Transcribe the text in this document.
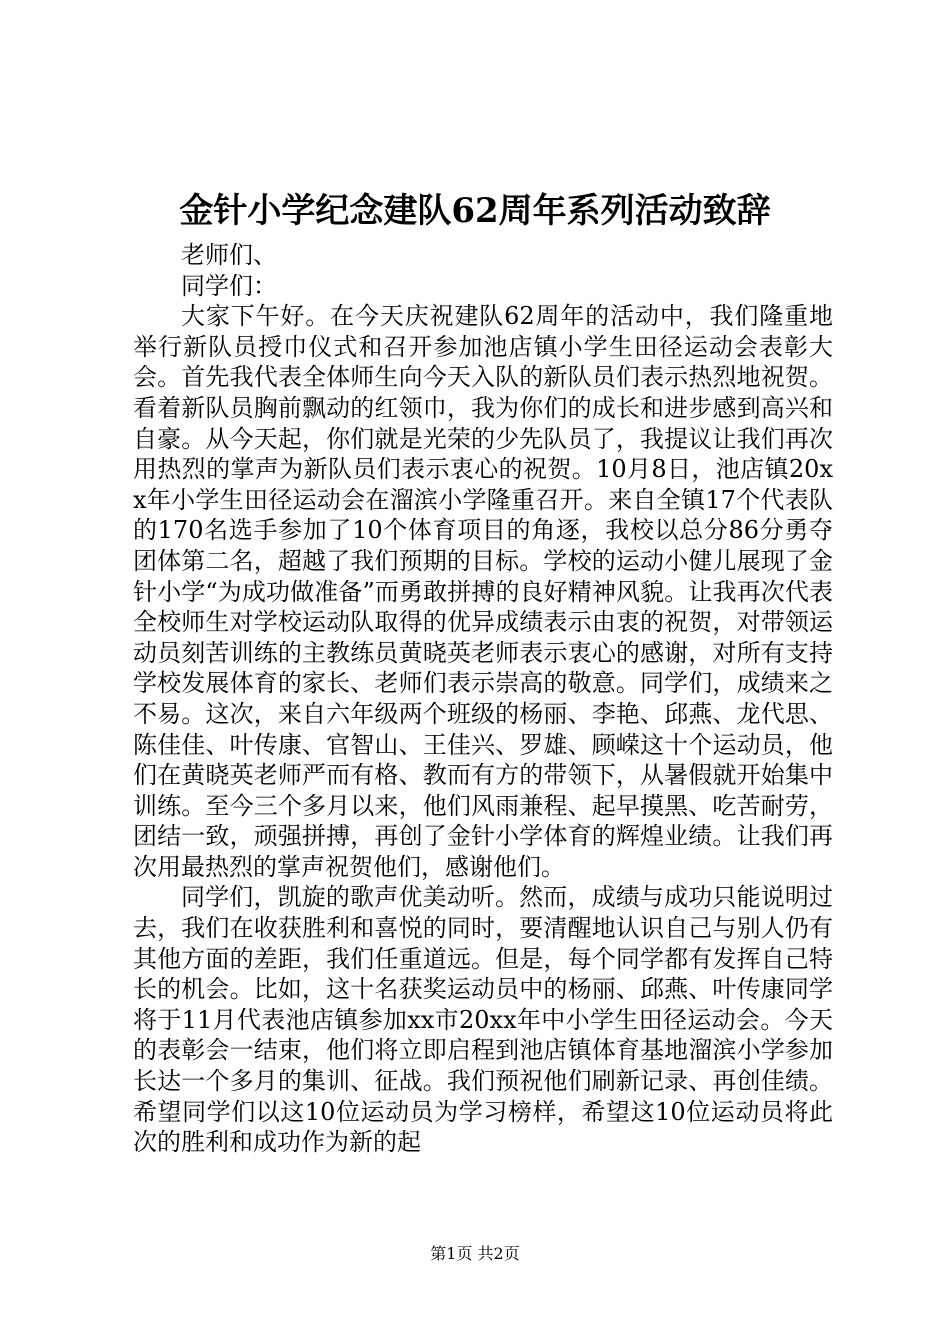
金针小学纪念建队62周年系列活动致辞

老师们、

同学们：

大家下午好。在今天庆祝建队62周年的活动中，我们隆重地举行新队员授巾仪式和召开参加池店镇小学生田径运动会表彰大会。首先我代表全体师生向今天入队的新队员们表示热烈地祝贺。看着新队员胸前飘动的红领巾，我为你们的成长和进步感到高兴和自豪。从今天起，你们就是光荣的少先队员了，我提议让我们再次用热烈的掌声为新队员们表示衷心的祝贺。10月8日，池店镇20xx年小学生田径运动会在溜滨小学隆重召开。来自全镇17个代表队的170名选手参加了10个体育项目的角逐，我校以总分86分勇夺团体第二名，超越了我们预期的目标。学校的运动小健儿展现了金针小学“为成功做准备”而勇敢拼搏的良好精神风貌。让我再次代表全校师生对学校运动队取得的优异成绩表示由衷的祝贺，对带领运动员刻苦训练的主教练员黄晓英老师表示衷心的感谢，对所有支持学校发展体育的家长、老师们表示崇高的敬意。同学们，成绩来之不易。这次，来自六年级两个班级的杨丽、李艳、邱燕、龙代思、陈佳佳、叶传康、官智山、王佳兴、罗雄、顾嵘这十个运动员，他们在黄晓英老师严而有格、教而有方的带领下，从暑假就开始集中训练。至今三个多月以来，他们风雨兼程、起早摸黑、吃苦耐劳，团结一致，顽强拼搏，再创了金针小学体育的辉煌业绩。让我们再次用最热烈的掌声祝贺他们，感谢他们。

同学们，凯旋的歌声优美动听。然而，成绩与成功只能说明过去，我们在收获胜利和喜悦的同时，要清醒地认识自己与别人仍有其他方面的差距，我们任重道远。但是，每个同学都有发挥自己特长的机会。比如，这十名获奖运动员中的杨丽、邱燕、叶传康同学将于11月代表池店镇参加xx市20xx年中小学生田径运动会。今天的表彰会一结束，他们将立即启程到池店镇体育基地溜滨小学参加长达一个多月的集训、征战。我们预祝他们刷新记录、再创佳绩。希望同学们以这10位运动员为学习榜样，希望这10位运动员将此次的胜利和成功作为新的起

第1页 共2页
